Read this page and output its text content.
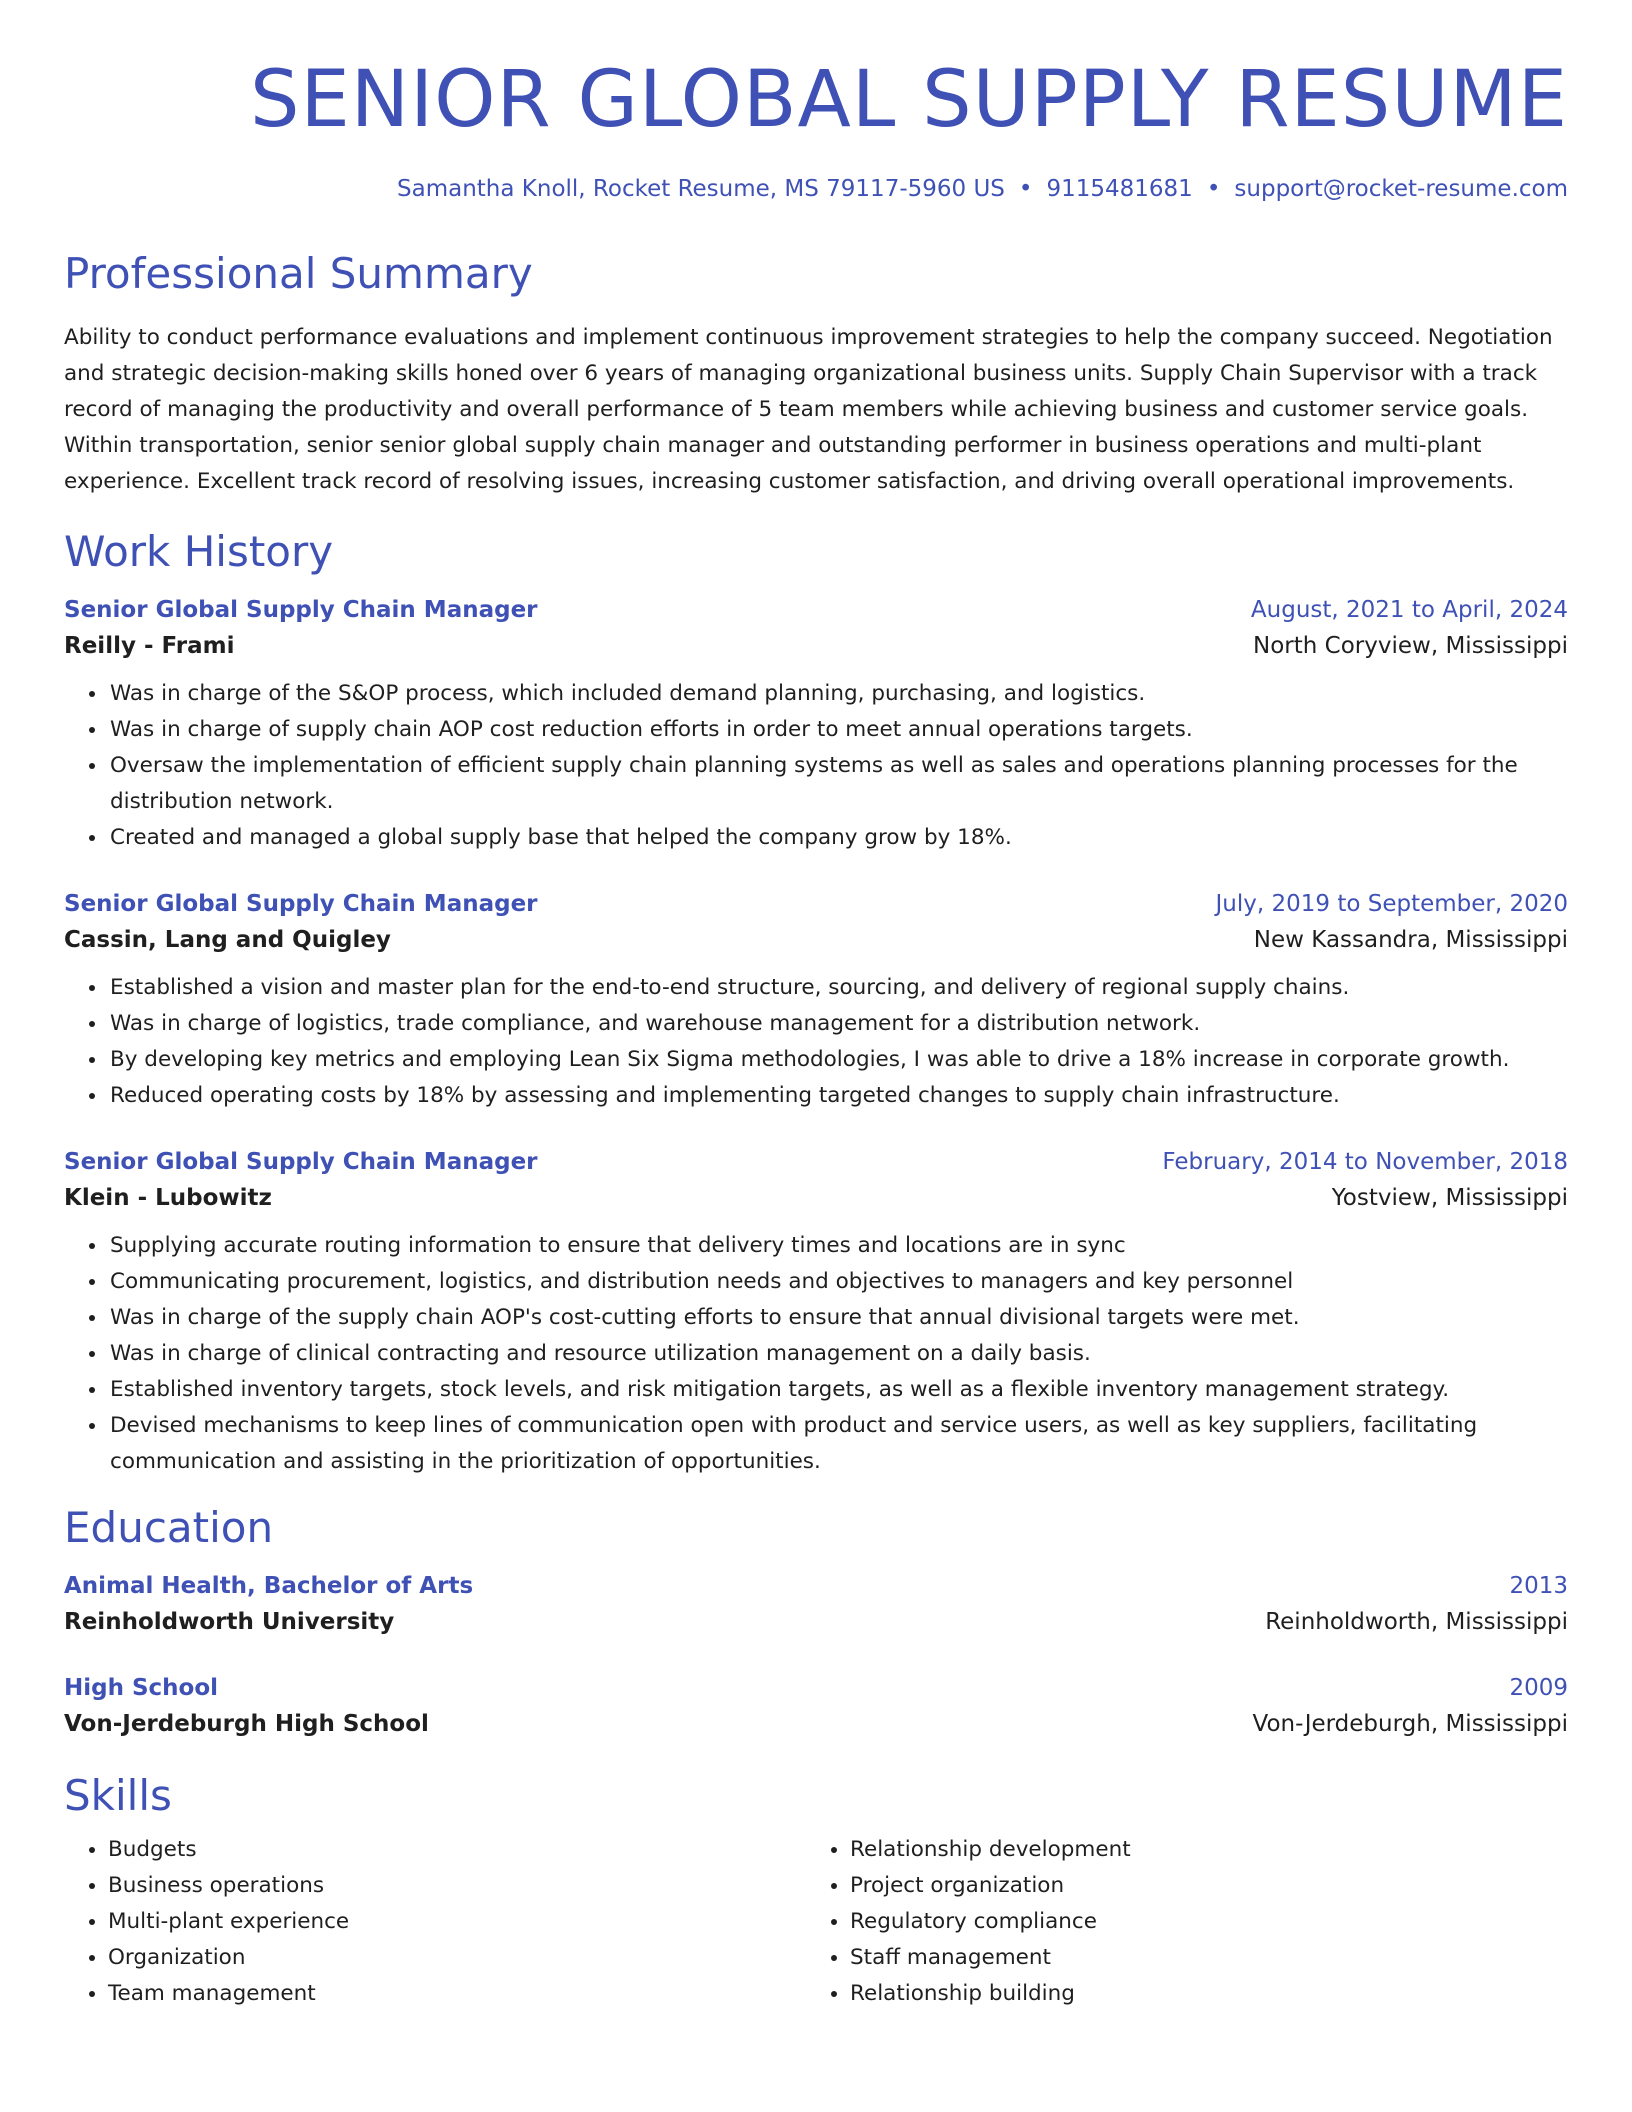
SENIOR GLOBAL SUPPLY RESUME
Samantha Knoll, Rocket Resume, MS 79117-5960 US • 9115481681 • support@rocket-resume.com
Professional Summary
Ability to conduct performance evaluations and implement continuous improvement strategies to help the company succeed. Negotiation and strategic decision-making skills honed over 6 years of managing organizational business units. Supply Chain Supervisor with a track record of managing the productivity and overall performance of 5 team members while achieving business and customer service goals. Within transportation, senior senior global supply chain manager and outstanding performer in business operations and multi-plant experience. Excellent track record of resolving issues, increasing customer satisfaction, and driving overall operational improvements.
Work History
Senior Global Supply Chain Manager	August, 2021 to April, 2024
Reilly - Frami	North Coryview, Mississippi
• Was in charge of the S&OP process, which included demand planning, purchasing, and logistics.
• Was in charge of supply chain AOP cost reduction efforts in order to meet annual operations targets.
• Oversaw the implementation of efficient supply chain planning systems as well as sales and operations planning processes for the distribution network.
• Created and managed a global supply base that helped the company grow by 18%.
Senior Global Supply Chain Manager	July, 2019 to September, 2020
Cassin, Lang and Quigley	New Kassandra, Mississippi
• Established a vision and master plan for the end-to-end structure, sourcing, and delivery of regional supply chains.
• Was in charge of logistics, trade compliance, and warehouse management for a distribution network.
• By developing key metrics and employing Lean Six Sigma methodologies, I was able to drive a 18% increase in corporate growth.
• Reduced operating costs by 18% by assessing and implementing targeted changes to supply chain infrastructure.
Senior Global Supply Chain Manager	February, 2014 to November, 2018
Klein - Lubowitz	Yostview, Mississippi
• Supplying accurate routing information to ensure that delivery times and locations are in sync
• Communicating procurement, logistics, and distribution needs and objectives to managers and key personnel
• Was in charge of the supply chain AOP's cost-cutting efforts to ensure that annual divisional targets were met.
• Was in charge of clinical contracting and resource utilization management on a daily basis.
• Established inventory targets, stock levels, and risk mitigation targets, as well as a flexible inventory management strategy.
• Devised mechanisms to keep lines of communication open with product and service users, as well as key suppliers, facilitating communication and assisting in the prioritization of opportunities.
Education
Animal Health, Bachelor of Arts	2013
Reinholdworth University	Reinholdworth, Mississippi
High School	2009
Von-Jerdeburgh High School	Von-Jerdeburgh, Mississippi
Skills
• Budgets
• Business operations
• Multi-plant experience
• Organization
• Team management
• Relationship development
• Project organization
• Regulatory compliance
• Staff management
• Relationship building
